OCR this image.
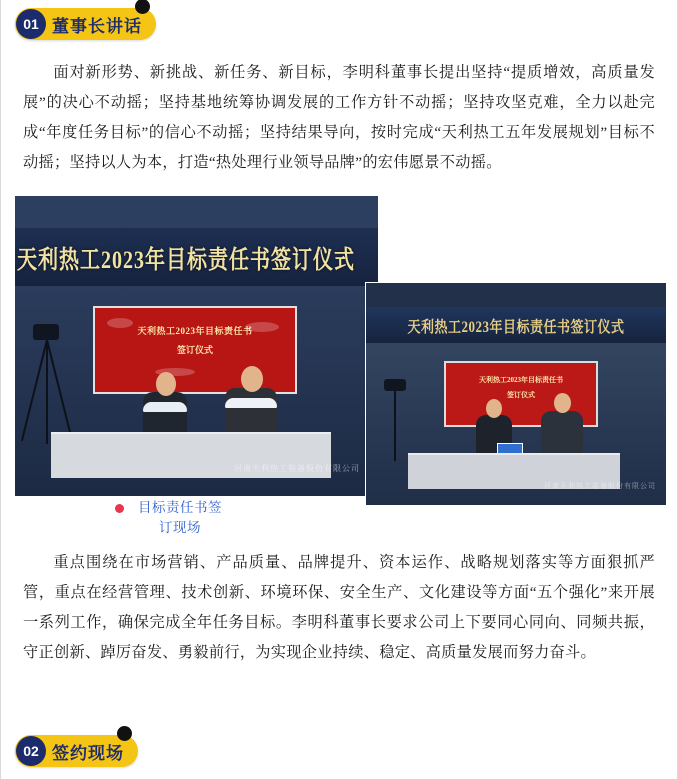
01 董事长讲话

面对新形势、新挑战、新任务、新目标，李明科董事长提出坚持“提质增效，高质量发展”的决心不动摇；坚持基地统筹协调发展的工作方针不动摇；坚持攻坚克难，全力以赴完成“年度任务目标”的信心不动摇；坚持结果导向，按时完成“天利热工五年发展规划”目标不动摇；坚持以人为本，打造“热处理行业领导品牌”的宏伟愿景不动摇。

天利热工2023年目标责任书签订仪式
天利热工2023年目标责任书
签订仪式
河南天利热工装备股份有限公司
天利热工2023年目标责任书签订仪式
天利热工2023年目标责任书
签订仪式
河南天利热工装备股份有限公司
目标责任书签订现场

重点围绕在市场营销、产品质量、品牌提升、资本运作、战略规划落实等方面狠抓严管，重点在经营管理、技术创新、环境环保、安全生产、文化建设等方面“五个强化”来开展一系列工作，确保完成全年任务目标。李明科董事长要求公司上下要同心同向、同频共振，守正创新、踔厉奋发、勇毅前行，为实现企业持续、稳定、高质量发展而努力奋斗。

02 签约现场
